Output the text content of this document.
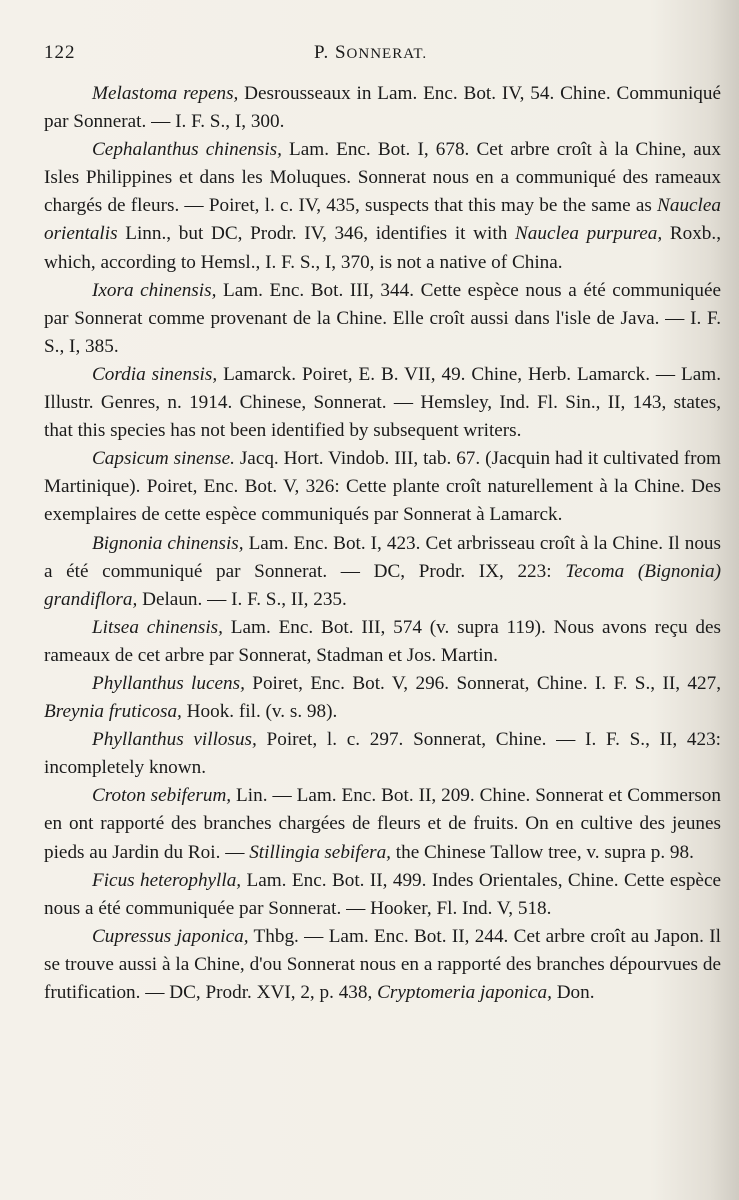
122	P. SONNERAT.

Melastoma repens, Desrousseaux in Lam. Enc. Bot. IV, 54. Chine. Communiqué par Sonnerat. — I. F. S., I, 300.

Cephalanthus chinensis, Lam. Enc. Bot. I, 678. Cet arbre croît à la Chine, aux Isles Philippines et dans les Moluques. Sonnerat nous en a communiqué des rameaux chargés de fleurs. — Poiret, l. c. IV, 435, suspects that this may be the same as Nauclea orientalis Linn., but DC, Prodr. IV, 346, identifies it with Nauclea purpurea, Roxb., which, according to Hemsl., I. F. S., I, 370, is not a native of China.

Ixora chinensis, Lam. Enc. Bot. III, 344. Cette espèce nous a été communiquée par Sonnerat comme provenant de la Chine. Elle croît aussi dans l'isle de Java. — I. F. S., I, 385.

Cordia sinensis, Lamarck. Poiret, E. B. VII, 49. Chine, Herb. Lamarck. — Lam. Illustr. Genres, n. 1914. Chinese, Sonnerat. — Hemsley, Ind. Fl. Sin., II, 143, states, that this species has not been identified by subsequent writers.

Capsicum sinense. Jacq. Hort. Vindob. III, tab. 67. (Jacquin had it cultivated from Martinique). Poiret, Enc. Bot. V, 326: Cette plante croît naturellement à la Chine. Des exemplaires de cette espèce communiqués par Sonnerat à Lamarck.

Bignonia chinensis, Lam. Enc. Bot. I, 423. Cet arbrisseau croît à la Chine. Il nous a été communiqué par Sonnerat. — DC, Prodr. IX, 223: Tecoma (Bignonia) grandiflora, Delaun. — I. F. S., II, 235.

Litsea chinensis, Lam. Enc. Bot. III, 574 (v. supra 119). Nous avons reçu des rameaux de cet arbre par Sonnerat, Stadman et Jos. Martin.

Phyllanthus lucens, Poiret, Enc. Bot. V, 296. Sonnerat, Chine. I. F. S., II, 427, Breynia fruticosa, Hook. fil. (v. s. 98).

Phyllanthus villosus, Poiret, l. c. 297. Sonnerat, Chine. — I. F. S., II, 423: incompletely known.

Croton sebiferum, Lin. — Lam. Enc. Bot. II, 209. Chine. Sonnerat et Commerson en ont rapporté des branches chargées de fleurs et de fruits. On en cultive des jeunes pieds au Jardin du Roi. — Stillingia sebifera, the Chinese Tallow tree, v. supra p. 98.

Ficus heterophylla, Lam. Enc. Bot. II, 499. Indes Orientales, Chine. Cette espèce nous a été communiquée par Sonnerat. — Hooker, Fl. Ind. V, 518.

Cupressus japonica, Thbg. — Lam. Enc. Bot. II, 244. Cet arbre croît au Japon. Il se trouve aussi à la Chine, d'ou Sonnerat nous en a rapporté des branches dépourvues de frutification. — DC, Prodr. XVI, 2, p. 438, Cryptomeria japonica, Don.
